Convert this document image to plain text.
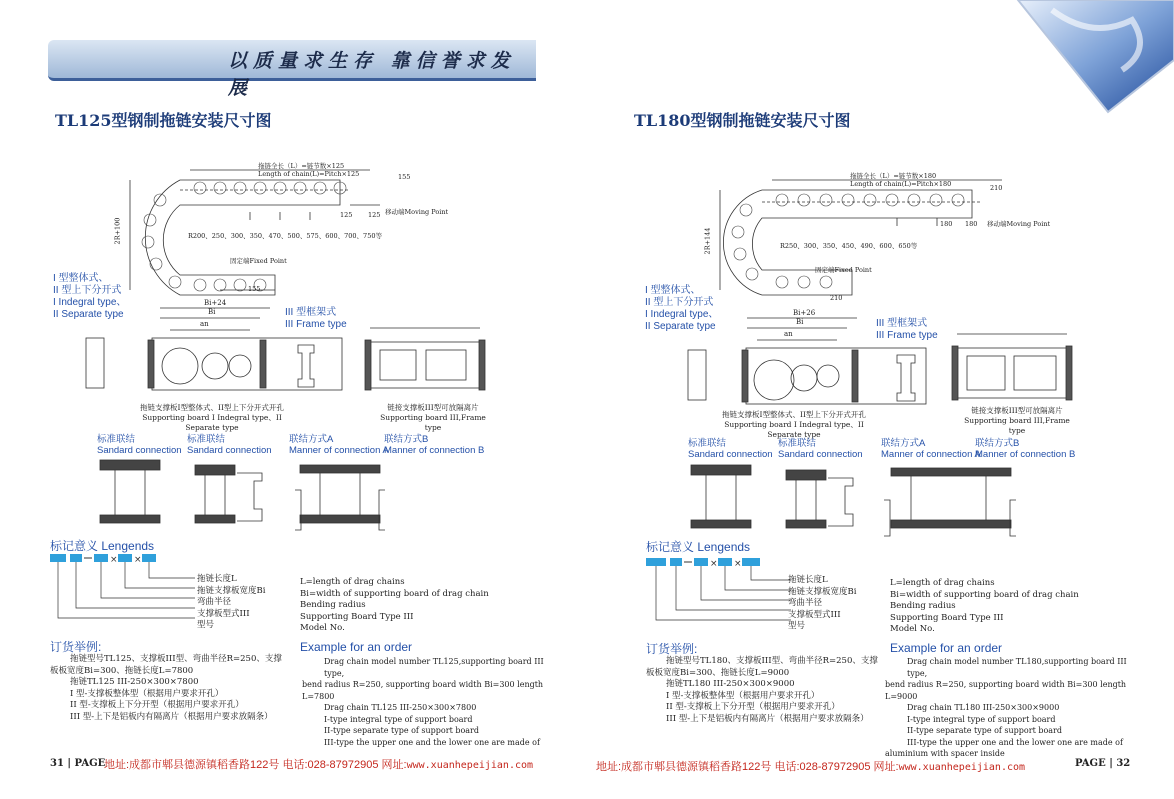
以质量求生存 靠信誉求发展
TL125型钢制拖链安装尺寸图
拖链全长（L）=链节数×125
Length of chain(L)=Pitch×125	155
125 125 移动端Moving Point
R200、250、300、350、470、500、575、600、700、750等
固定端Fixed Point
155
2R+100
I 型整体式、
II 型上下分开式
I Indegral type、
II Separate type	III 型框架式
III Frame type
Bi+24
Bi
an
拖链支撑板I型整体式、II型上下分开式开孔
Supporting board I Indegral type、II Separate type
链接支撑板III型可放隔离片
Supporting board III,Frame type
标准联结
Sandard connection
标准联结
Sandard connection
联结方式A
Manner of connection A
联结方式B
Manner of connection B
标记意义 Lengends
× ×
拖链长度L
拖链支撑板宽度Bi
弯曲半径
支撑板型式III
型号
L=length of drag chains
Bi=width of supporting board of drag chain
Bending radius
Supporting Board Type III
Model No.
订货举例:
拖链型号TL125、支撑板III型、弯曲半径R=250、支撑
板板宽度Bi=300、拖链长度L=7800
拖链TL125 III-250×300×7800
I 型-支撑板整体型（根据用户要求开孔）
II 型-支撑板上下分开型（根据用户要求开孔）
III 型-上下是铝板内有隔离片（根据用户要求放隔条）
Example for an order
Drag chain model number TL125,supporting board III type,
bend radius R=250, supporting board width Bi=300 length L=7800
Drag chain TL125 III-250×300×7800
I-type integral type of support board
II-type separate type of support board
III-type the upper one and the lower one are made of
31 | PAGE
地址:成都市郫县德源镇稻香路122号 电话:028-87972905 网址:www.xuanhepeijian.com
TL180型钢制拖链安装尺寸图
拖链全长（L）=链节数×180
Length of chain(L)=Pitch×180	210
180 180 移动端Moving Point
R250、300、350、450、490、600、650等
固定端Fixed Point
210
2R+144
I 型整体式、
II 型上下分开式
I Indegral type、
II Separate type	III 型框架式
III Frame type
Bi+26
Bi
an
拖链支撑板I型整体式、II型上下分开式开孔
Supporting board I Indegral type、II Separate type
链接支撑板III型可放隔离片
Supporting board III,Frame type
标准联结
Sandard connection
标准联结
Sandard connection
联结方式A
Manner of connection A
联结方式B
Manner of connection B
标记意义 Lengends
× ×
拖链长度L
拖链支撑板宽度Bi
弯曲半径
支撑板型式III
型号
L=length of drag chains
Bi=width of supporting board of drag chain
Bending radius
Supporting Board Type III
Model No.
订货举例:
拖链型号TL180、支撑板III型、弯曲半径R=250、支撑
板板宽度Bi=300、拖链长度L=9000
拖链TL180 III-250×300×9000
I 型-支撑板整体型（根据用户要求开孔）
II 型-支撑板上下分开型（根据用户要求开孔）
III 型-上下是铝板内有隔离片（根据用户要求放隔条）
Example for an order
Drag chain model number TL180,supporting board III type,
bend radius R=250, supporting board width Bi=300 length L=9000
Drag chain TL180 III-250×300×9000
I-type integral type of support board
II-type separate type of support board
III-type the upper one and the lower one are made of
aluminium with spacer inside
地址:成都市郫县德源镇稻香路122号 电话:028-87972905 网址:www.xuanhepeijian.com	PAGE | 32
